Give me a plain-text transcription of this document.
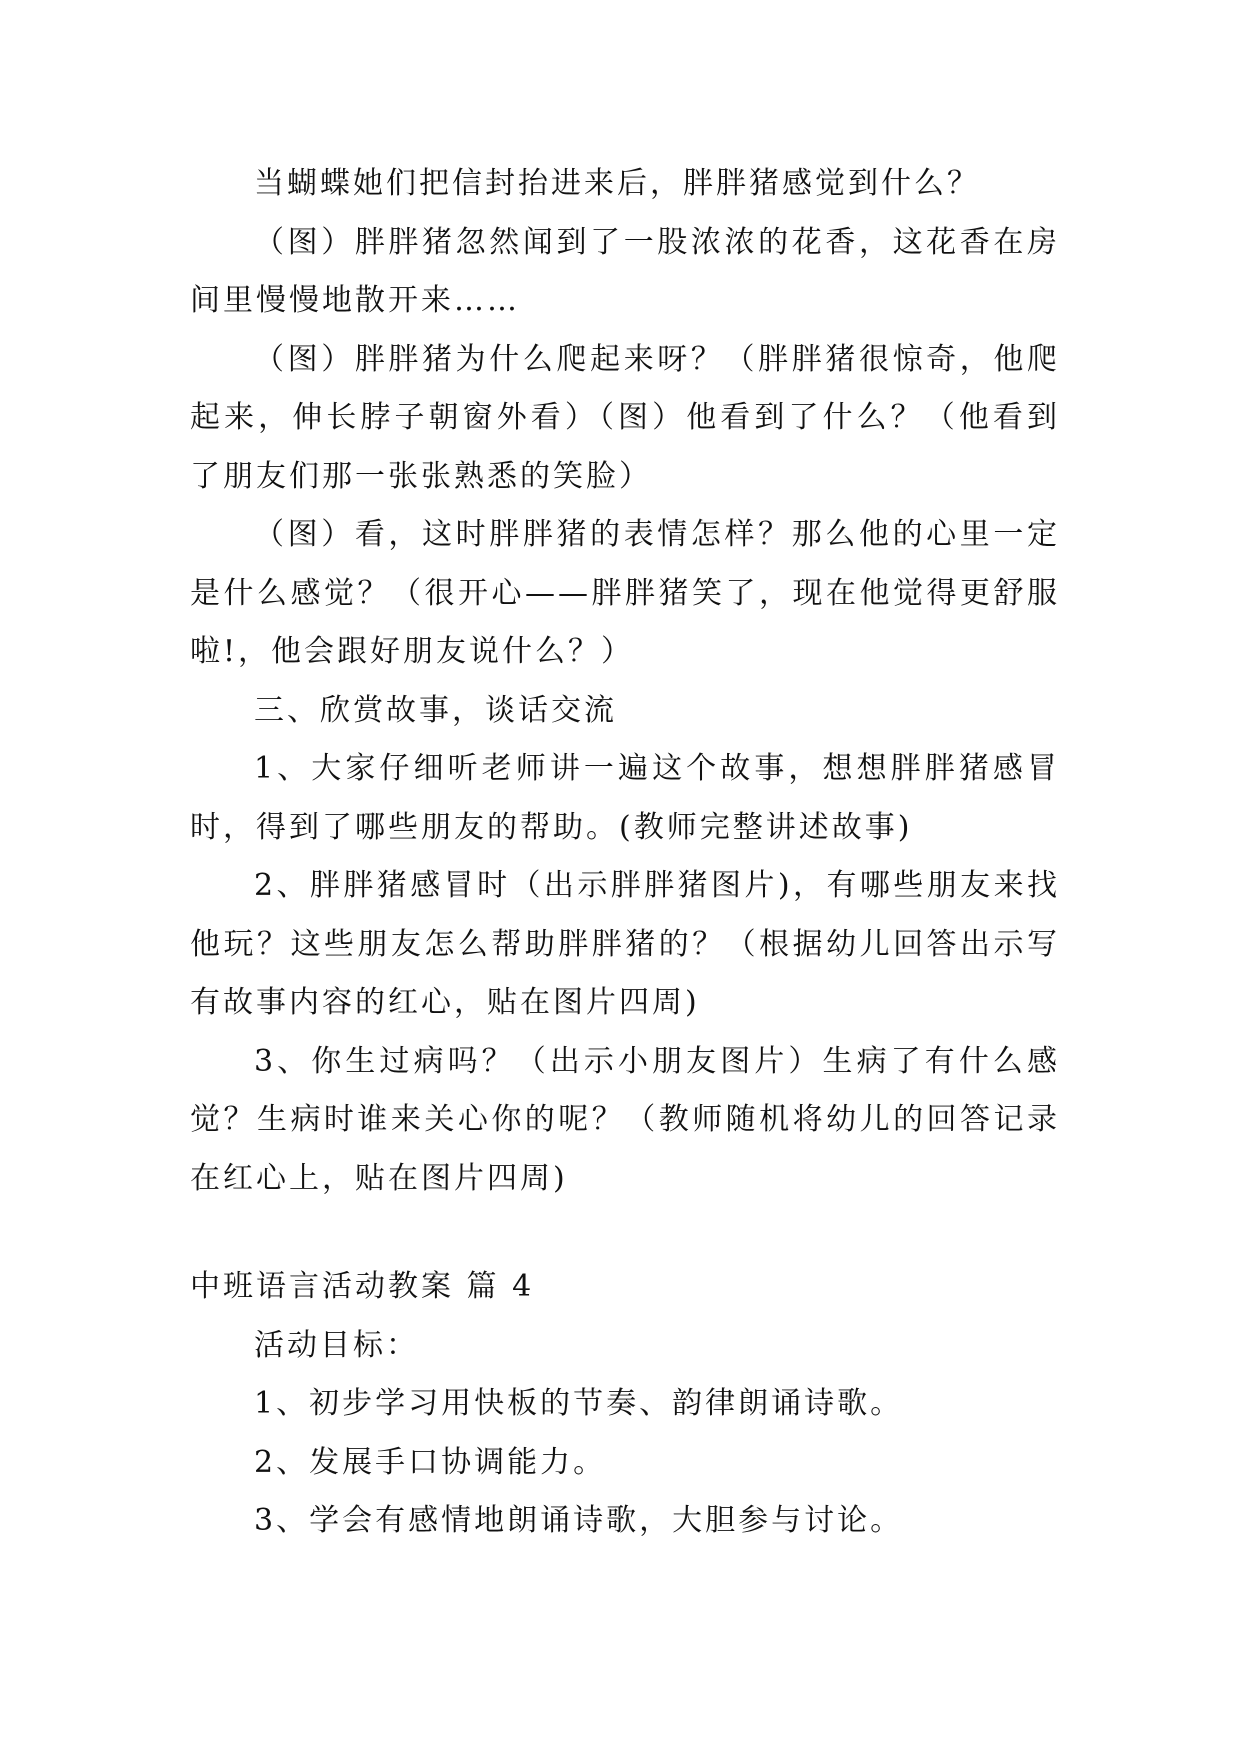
当蝴蝶她们把信封抬进来后，胖胖猪感觉到什么？

（图）胖胖猪忽然闻到了一股浓浓的花香，这花香在房间里慢慢地散开来……

（图）胖胖猪为什么爬起来呀？（胖胖猪很惊奇，他爬起来，伸长脖子朝窗外看）（图）他看到了什么？（他看到了朋友们那一张张熟悉的笑脸）

（图）看，这时胖胖猪的表情怎样？那么他的心里一定是什么感觉？（很开心——胖胖猪笑了，现在他觉得更舒服啦!，他会跟好朋友说什么？）

三、欣赏故事，谈话交流

1、大家仔细听老师讲一遍这个故事，想想胖胖猪感冒时，得到了哪些朋友的帮助。(教师完整讲述故事)

2、胖胖猪感冒时（出示胖胖猪图片)，有哪些朋友来找他玩？这些朋友怎么帮助胖胖猪的？（根据幼儿回答出示写有故事内容的红心，贴在图片四周)

3、你生过病吗？（出示小朋友图片）生病了有什么感觉？生病时谁来关心你的呢？（教师随机将幼儿的回答记录在红心上，贴在图片四周)

中班语言活动教案 篇 4

活动目标：

1、初步学习用快板的节奏、韵律朗诵诗歌。

2、发展手口协调能力。

3、学会有感情地朗诵诗歌，大胆参与讨论。
